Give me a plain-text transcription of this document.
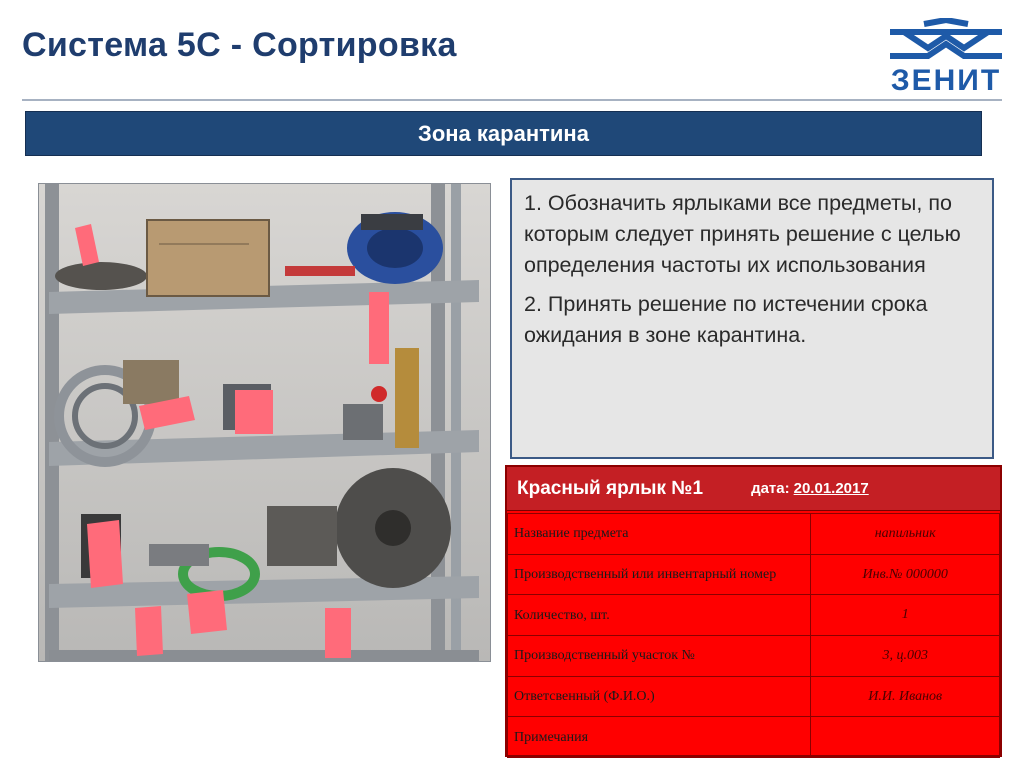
Система 5С - Сортировка
ЗЕНИТ
Зона карантина

1. Обозначить ярлыками все предметы, по которым следует принять решение с целью определения частоты их использования

2. Принять решение по истечении срока ожидания в зоне карантина.

Красный ярлык №1	дата: 20.01.2017
Название предмета	напильник
Производственный или инвентарный номер	Инв.№ 000000
Количество, шт.	1
Производственный участок №	3, ц.003
Ответсвенный (Ф.И.О.)	И.И. Иванов
Примечания	
